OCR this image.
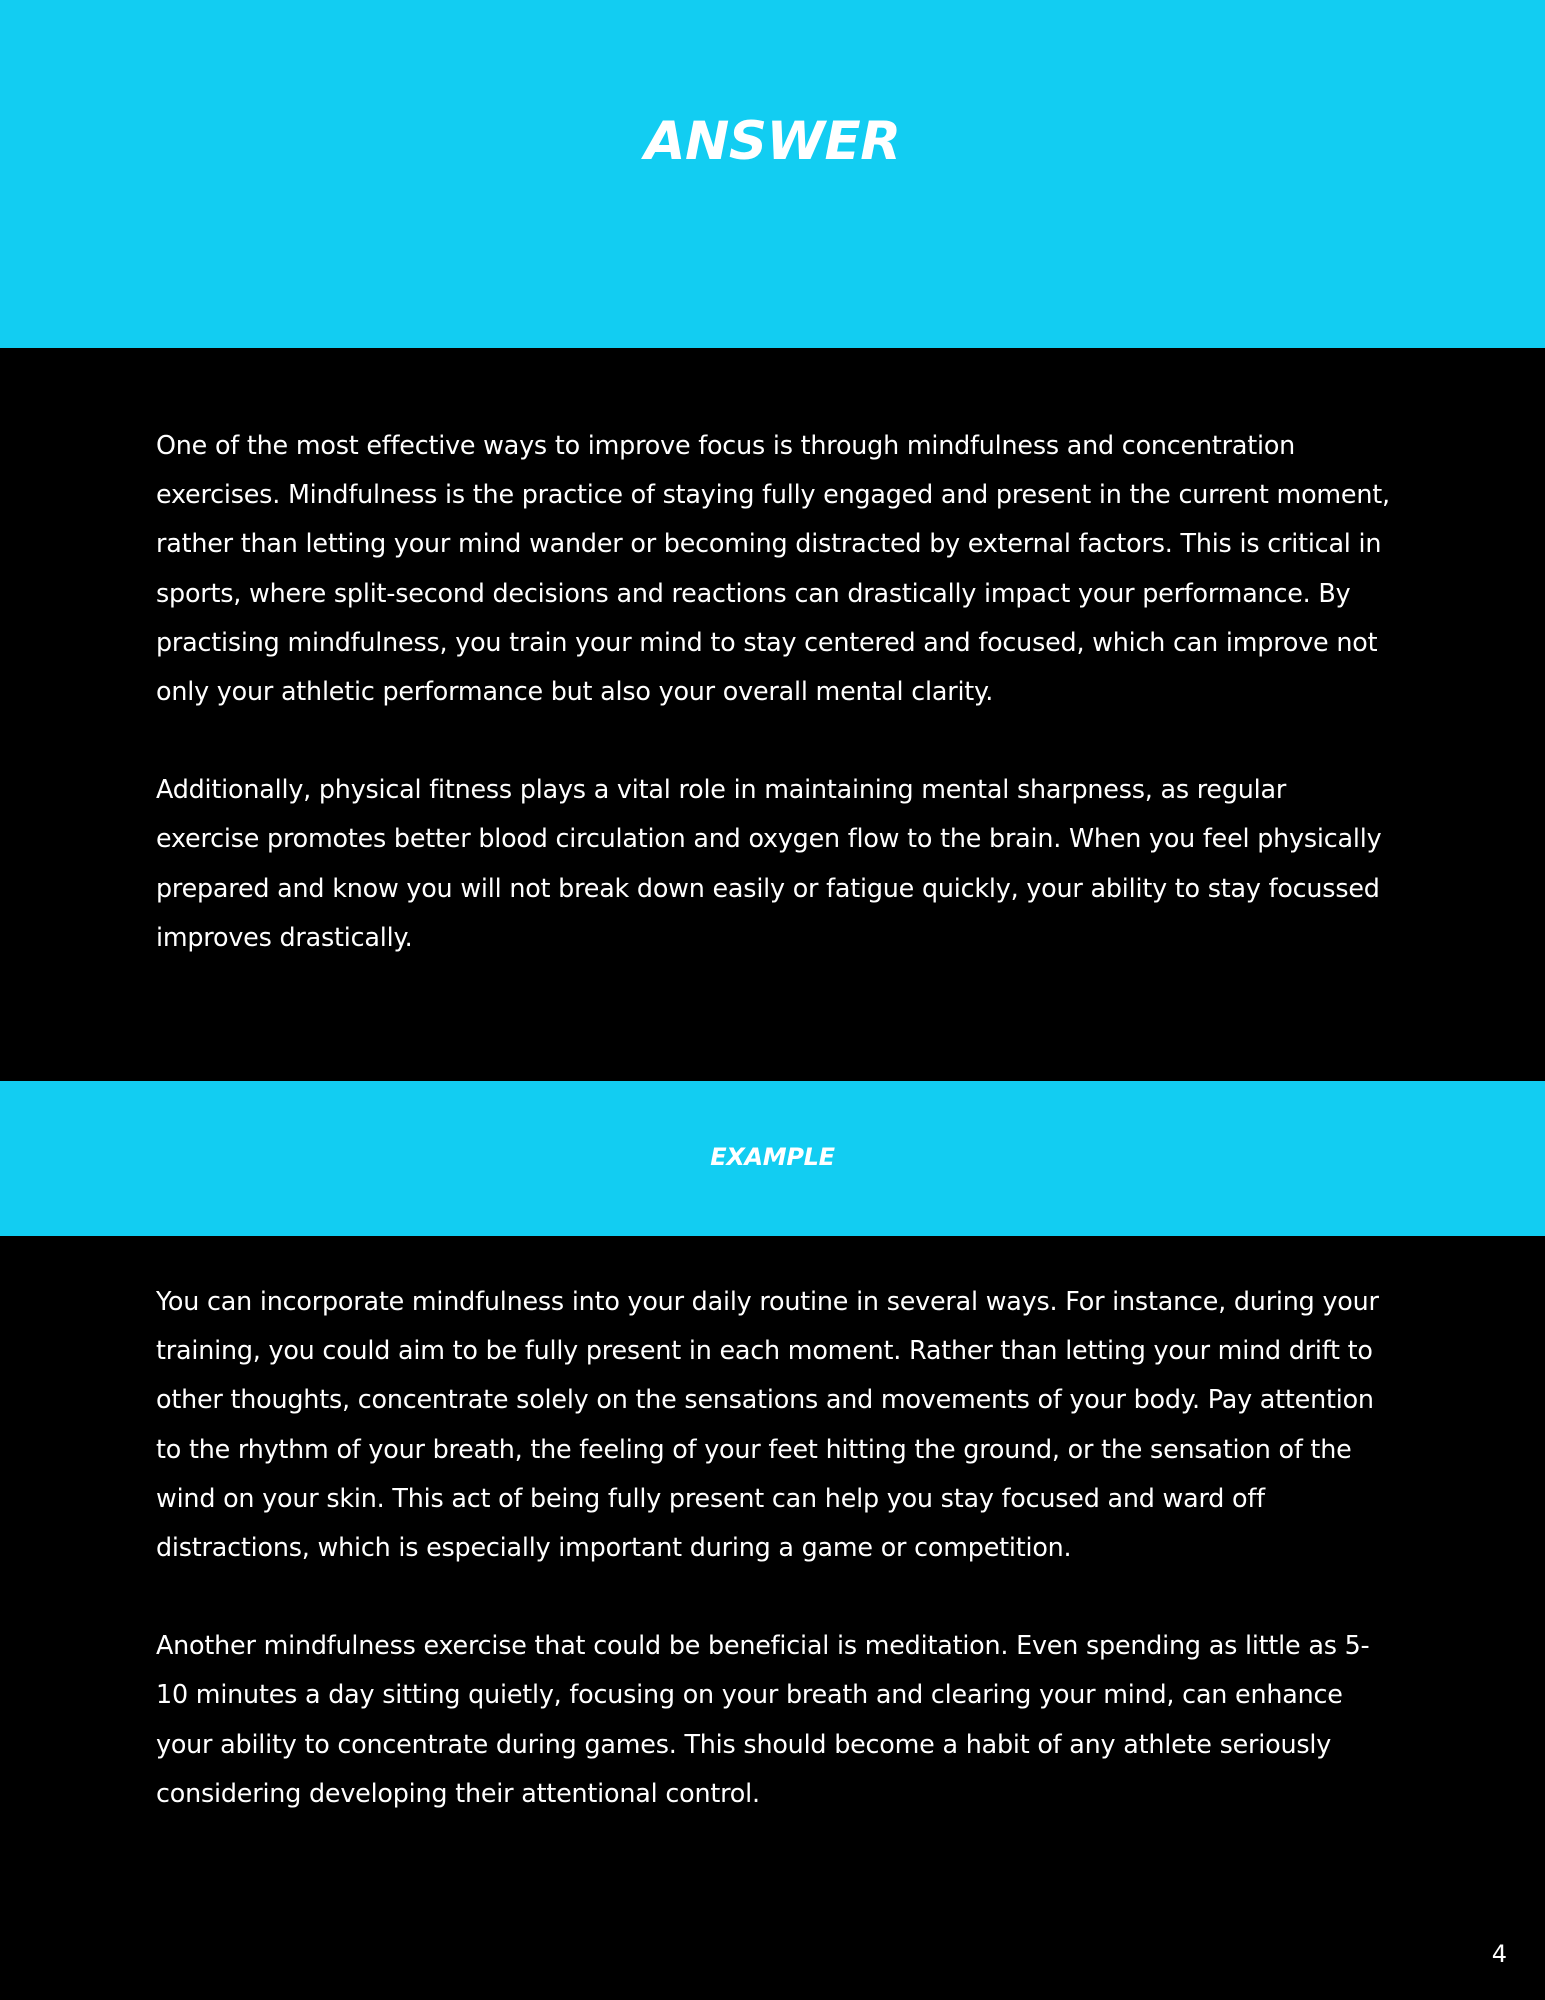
ANSWER

One of the most effective ways to improve focus is through mindfulness and concentration exercises. Mindfulness is the practice of staying fully engaged and present in the current moment, rather than letting your mind wander or becoming distracted by external factors. This is critical in sports, where split-second decisions and reactions can drastically impact your performance. By practising mindfulness, you train your mind to stay centered and focused, which can improve not only your athletic performance but also your overall mental clarity.

Additionally, physical fitness plays a vital role in maintaining mental sharpness, as regular exercise promotes better blood circulation and oxygen flow to the brain. When you feel physically prepared and know you will not break down easily or fatigue quickly, your ability to stay focussed improves drastically.

EXAMPLE

You can incorporate mindfulness into your daily routine in several ways. For instance, during your training, you could aim to be fully present in each moment. Rather than letting your mind drift to other thoughts, concentrate solely on the sensations and movements of your body. Pay attention to the rhythm of your breath, the feeling of your feet hitting the ground, or the sensation of the wind on your skin. This act of being fully present can help you stay focused and ward off distractions, which is especially important during a game or competition.

Another mindfulness exercise that could be beneficial is meditation. Even spending as little as 5-10 minutes a day sitting quietly, focusing on your breath and clearing your mind, can enhance your ability to concentrate during games. This should become a habit of any athlete seriously considering developing their attentional control.

4
